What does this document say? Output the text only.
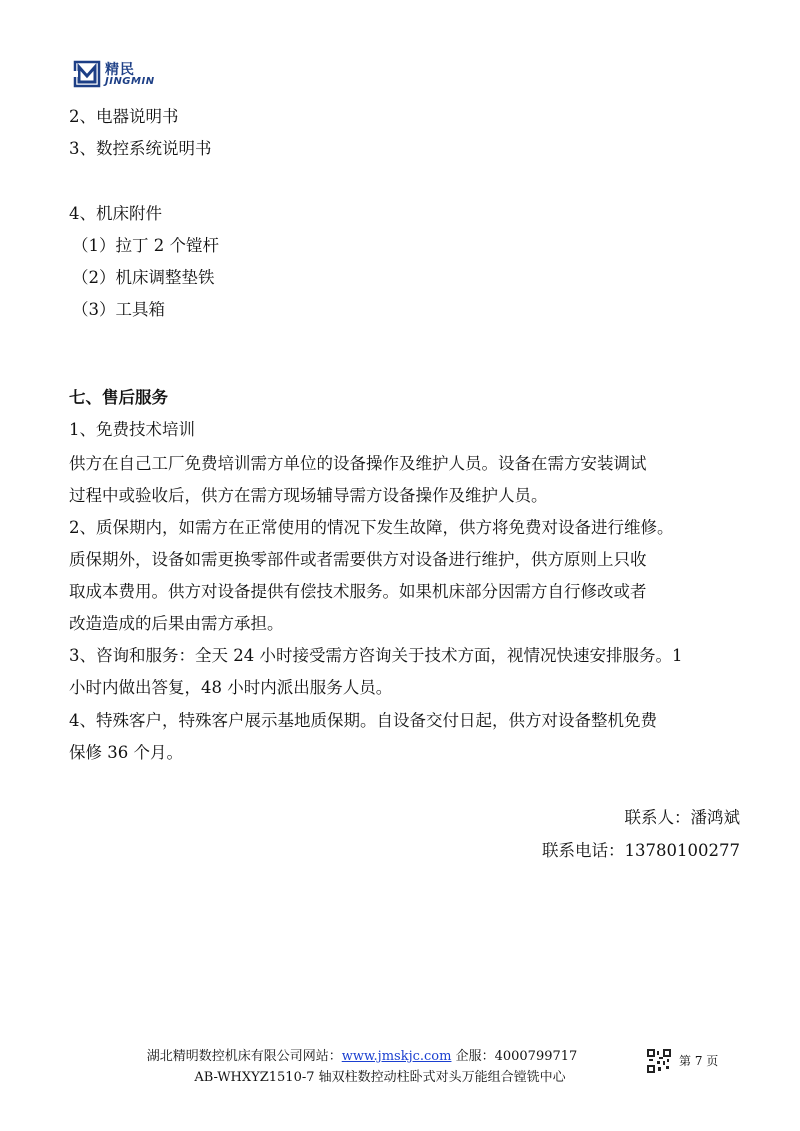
精民
JINGMIN
2、电器说明书
3、数控系统说明书
4、机床附件
（1）拉丁 2 个镗杆
（2）机床调整垫铁
（3）工具箱
七、售后服务
1、免费技术培训
供方在自己工厂免费培训需方单位的设备操作及维护人员。设备在需方安装调试
过程中或验收后，供方在需方现场辅导需方设备操作及维护人员。
2、质保期内，如需方在正常使用的情况下发生故障，供方将免费对设备进行维修。
质保期外，设备如需更换零部件或者需要供方对设备进行维护，供方原则上只收
取成本费用。供方对设备提供有偿技术服务。如果机床部分因需方自行修改或者
改造造成的后果由需方承担。
3、咨询和服务：全天 24 小时接受需方咨询关于技术方面，视情况快速安排服务。1
小时内做出答复，48 小时内派出服务人员。
4、特殊客户，特殊客户展示基地质保期。自设备交付日起，供方对设备整机免费
保修 36 个月。
联系人：潘鸿斌
联系电话：13780100277
湖北精明数控机床有限公司网站：www.jmskjc.com 企服：4000799717	第 7 页
AB-WHXYZ1510-7 轴双柱数控动柱卧式对头万能组合镗铣中心
